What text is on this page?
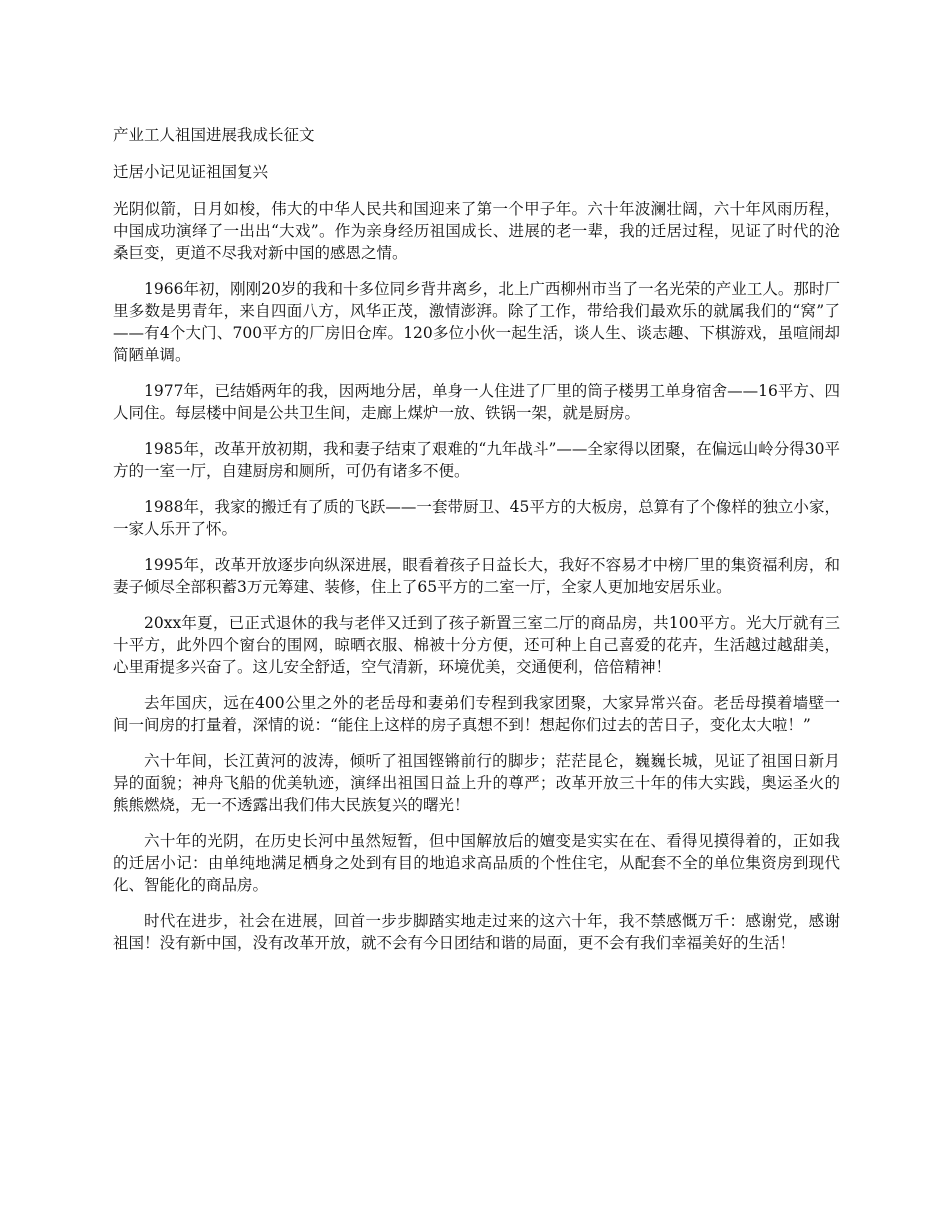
产业工人祖国进展我成长征文
迁居小记见证祖国复兴

光阴似箭，日月如梭，伟大的中华人民共和国迎来了第一个甲子年。六十年波澜壮阔，六十年风雨历程，中国成功演绎了一出出“大戏”。作为亲身经历祖国成长、进展的老一辈，我的迁居过程，见证了时代的沧桑巨变，更道不尽我对新中国的感恩之情。

1966年初，刚刚20岁的我和十多位同乡背井离乡，北上广西柳州市当了一名光荣的产业工人。那时厂里多数是男青年，来自四面八方，风华正茂，激情澎湃。除了工作，带给我们最欢乐的就属我们的“窝”了——有4个大门、700平方的厂房旧仓库。120多位小伙一起生活，谈人生、谈志趣、下棋游戏，虽喧闹却简陋单调。

1977年，已结婚两年的我，因两地分居，单身一人住进了厂里的筒子楼男工单身宿舍——16平方、四人同住。每层楼中间是公共卫生间，走廊上煤炉一放、铁锅一架，就是厨房。

1985年，改革开放初期，我和妻子结束了艰难的“九年战斗”——全家得以团聚，在偏远山岭分得30平方的一室一厅，自建厨房和厕所，可仍有诸多不便。

1988年，我家的搬迁有了质的飞跃——一套带厨卫、45平方的大板房，总算有了个像样的独立小家，一家人乐开了怀。

1995年，改革开放逐步向纵深进展，眼看着孩子日益长大，我好不容易才中榜厂里的集资福利房，和妻子倾尽全部积蓄3万元筹建、装修，住上了65平方的二室一厅，全家人更加地安居乐业。

20xx年夏，已正式退休的我与老伴又迁到了孩子新置三室二厅的商品房，共100平方。光大厅就有三十平方，此外四个窗台的围网，晾晒衣服、棉被十分方便，还可种上自己喜爱的花卉，生活越过越甜美，心里甭提多兴奋了。这儿安全舒适，空气清新，环境优美，交通便利，倍倍精神！

去年国庆，远在400公里之外的老岳母和妻弟们专程到我家团聚，大家异常兴奋。老岳母摸着墙壁一间一间房的打量着，深情的说：“能住上这样的房子真想不到！想起你们过去的苦日子，变化太大啦！”

六十年间，长江黄河的波涛，倾听了祖国铿锵前行的脚步；茫茫昆仑，巍巍长城，见证了祖国日新月异的面貌；神舟飞船的优美轨迹，演绎出祖国日益上升的尊严；改革开放三十年的伟大实践，奥运圣火的熊熊燃烧，无一不透露出我们伟大民族复兴的曙光！

六十年的光阴，在历史长河中虽然短暂，但中国解放后的嬗变是实实在在、看得见摸得着的，正如我的迁居小记：由单纯地满足栖身之处到有目的地追求高品质的个性住宅，从配套不全的单位集资房到现代化、智能化的商品房。

时代在进步，社会在进展，回首一步步脚踏实地走过来的这六十年，我不禁感慨万千：感谢党，感谢祖国！没有新中国，没有改革开放，就不会有今日团结和谐的局面，更不会有我们幸福美好的生活！
